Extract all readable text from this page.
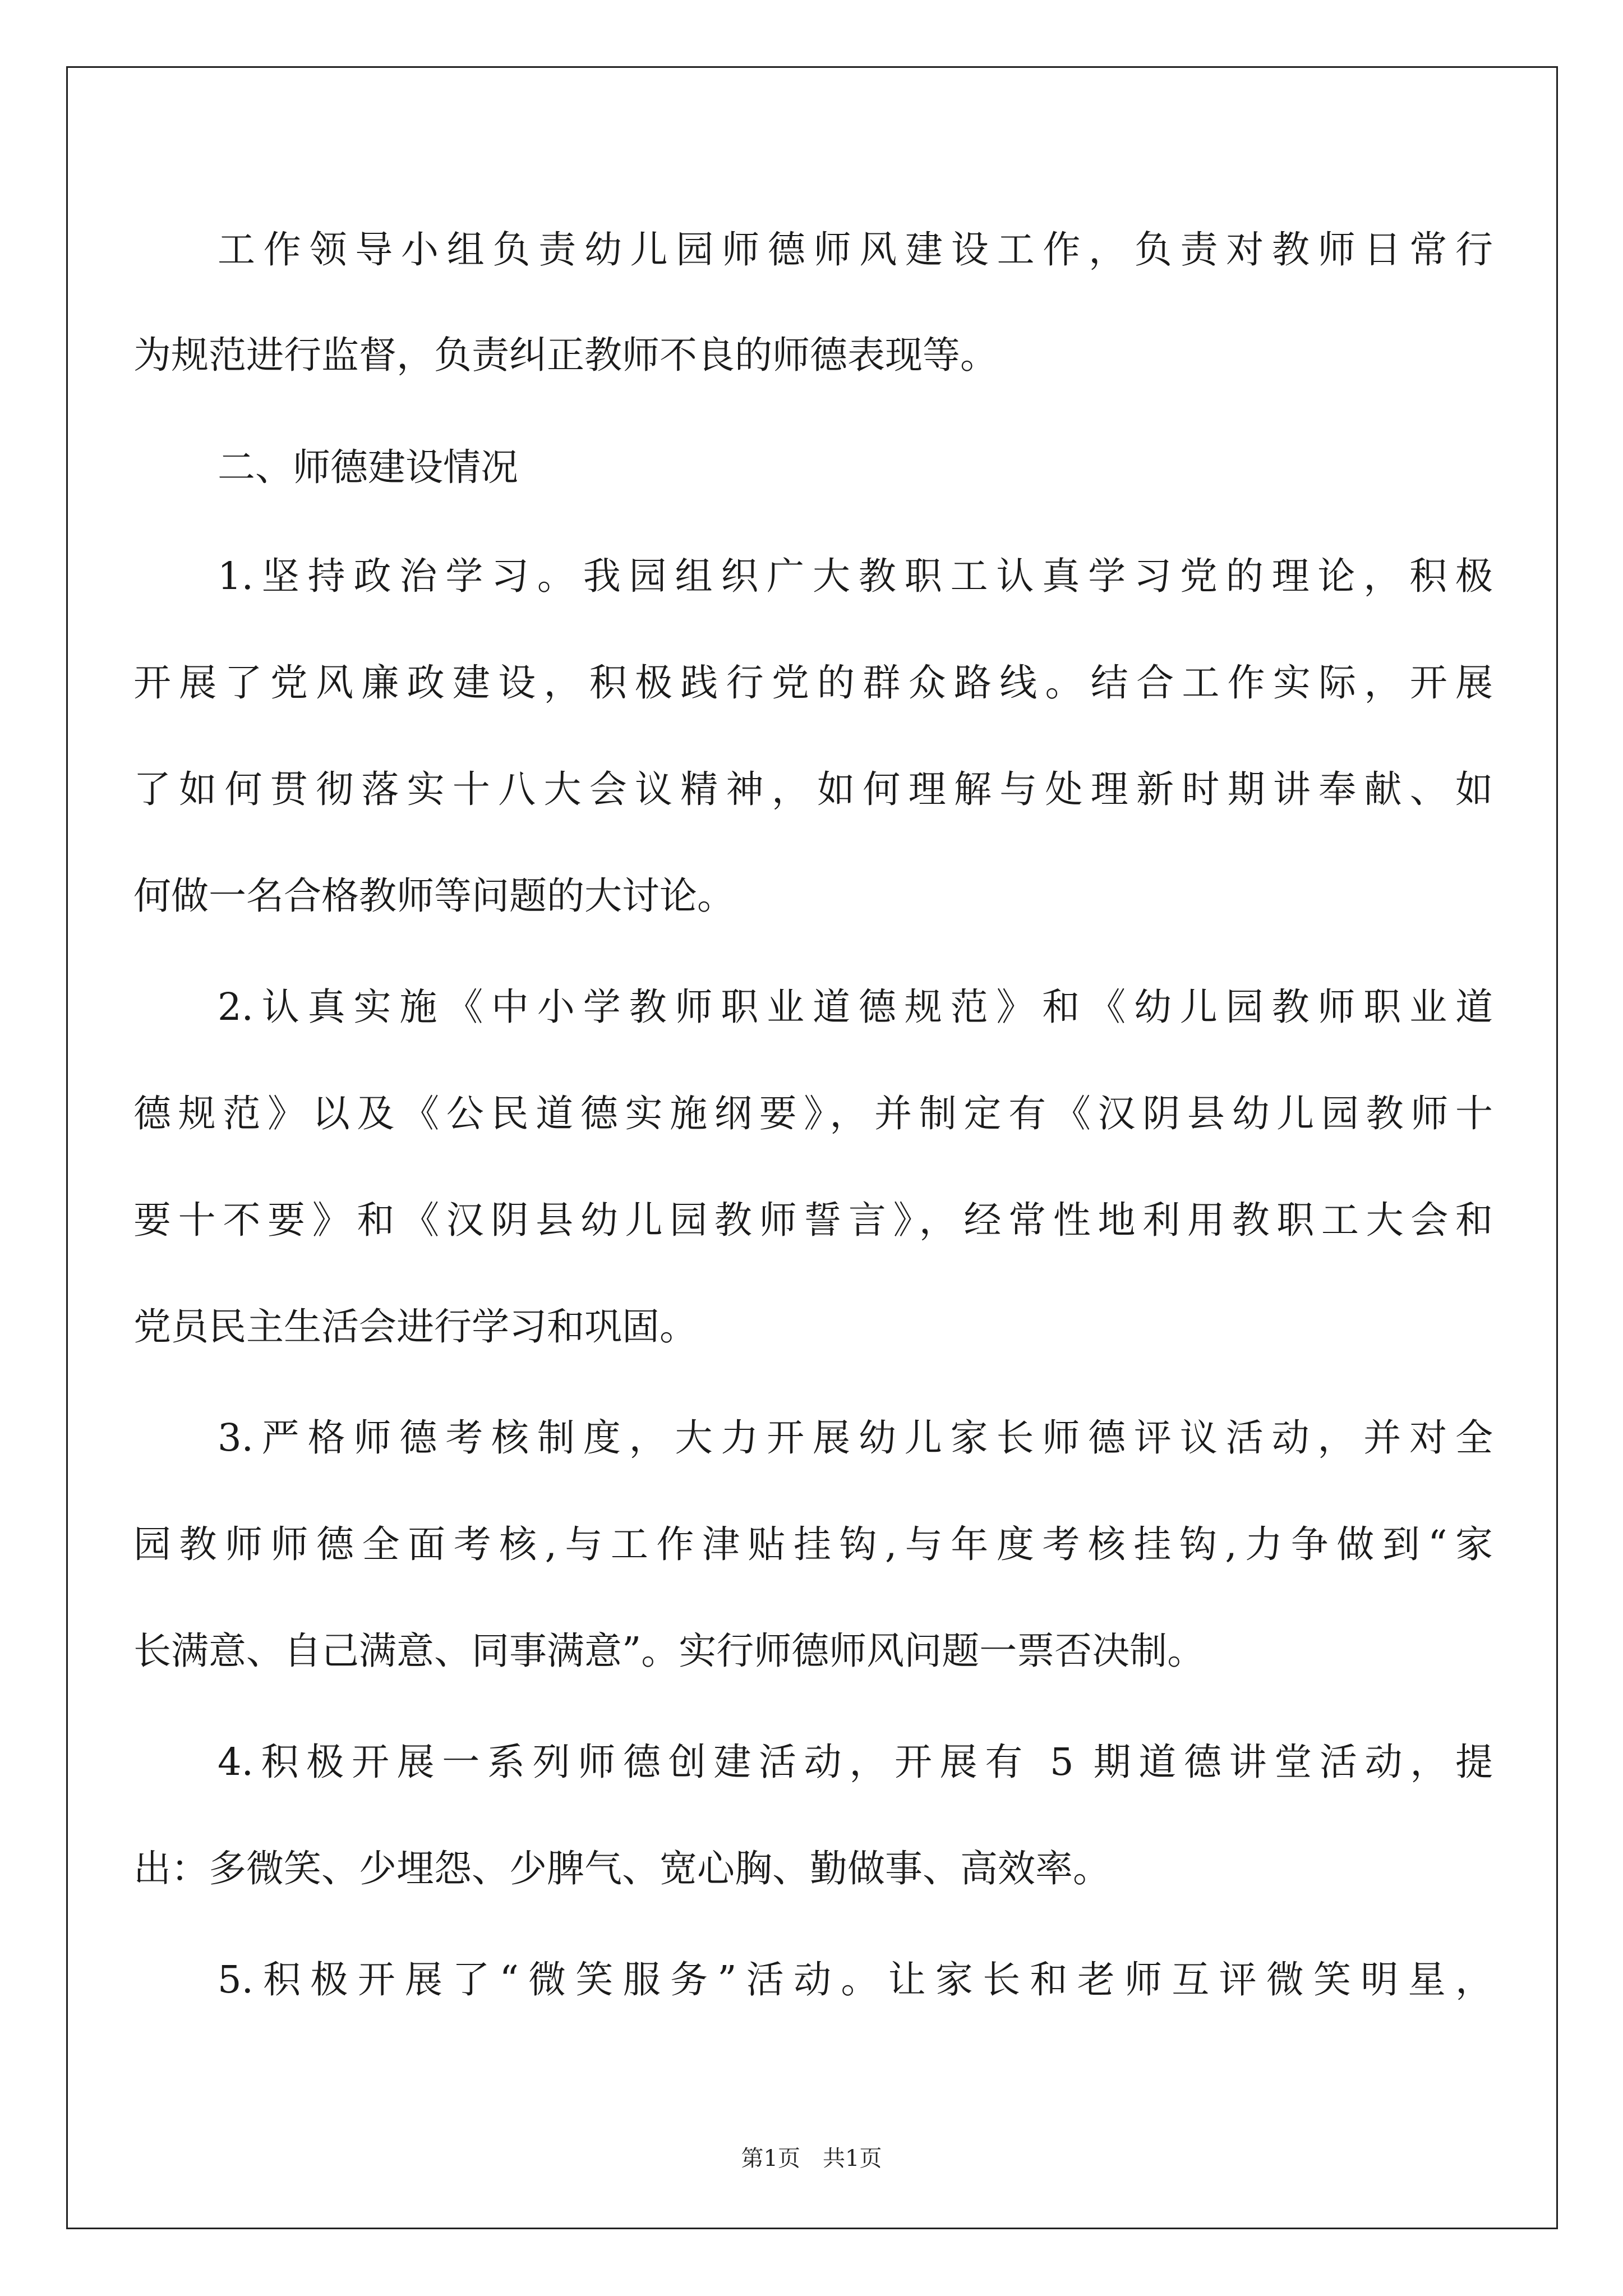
工作领导小组负责幼儿园师德师风建设工作，负责对教师日常行
为规范进行监督，负责纠正教师不良的师德表现等。
二、师德建设情况
1.坚持政治学习。我园组织广大教职工认真学习党的理论，积极
开展了党风廉政建设，积极践行党的群众路线。结合工作实际，开展
了如何贯彻落实十八大会议精神，如何理解与处理新时期讲奉献、如
何做一名合格教师等问题的大讨论。
2.认真实施《中小学教师职业道德规范》和《幼儿园教师职业道
德规范》以及《公民道德实施纲要》，并制定有《汉阴县幼儿园教师十
要十不要》和《汉阴县幼儿园教师誓言》，经常性地利用教职工大会和
党员民主生活会进行学习和巩固。
3.严格师德考核制度，大力开展幼儿家长师德评议活动，并对全
园教师师德全面考核,与工作津贴挂钩,与年度考核挂钩,力争做到“家
长满意、自己满意、同事满意”。实行师德师风问题一票否决制。
4.积极开展一系列师德创建活动，开展有 5 期道德讲堂活动，提
出：多微笑、少埋怨、少脾气、宽心胸、勤做事、高效率。
5.积极开展了“微笑服务”活动。让家长和老师互评微笑明星，
第1页　共1页
